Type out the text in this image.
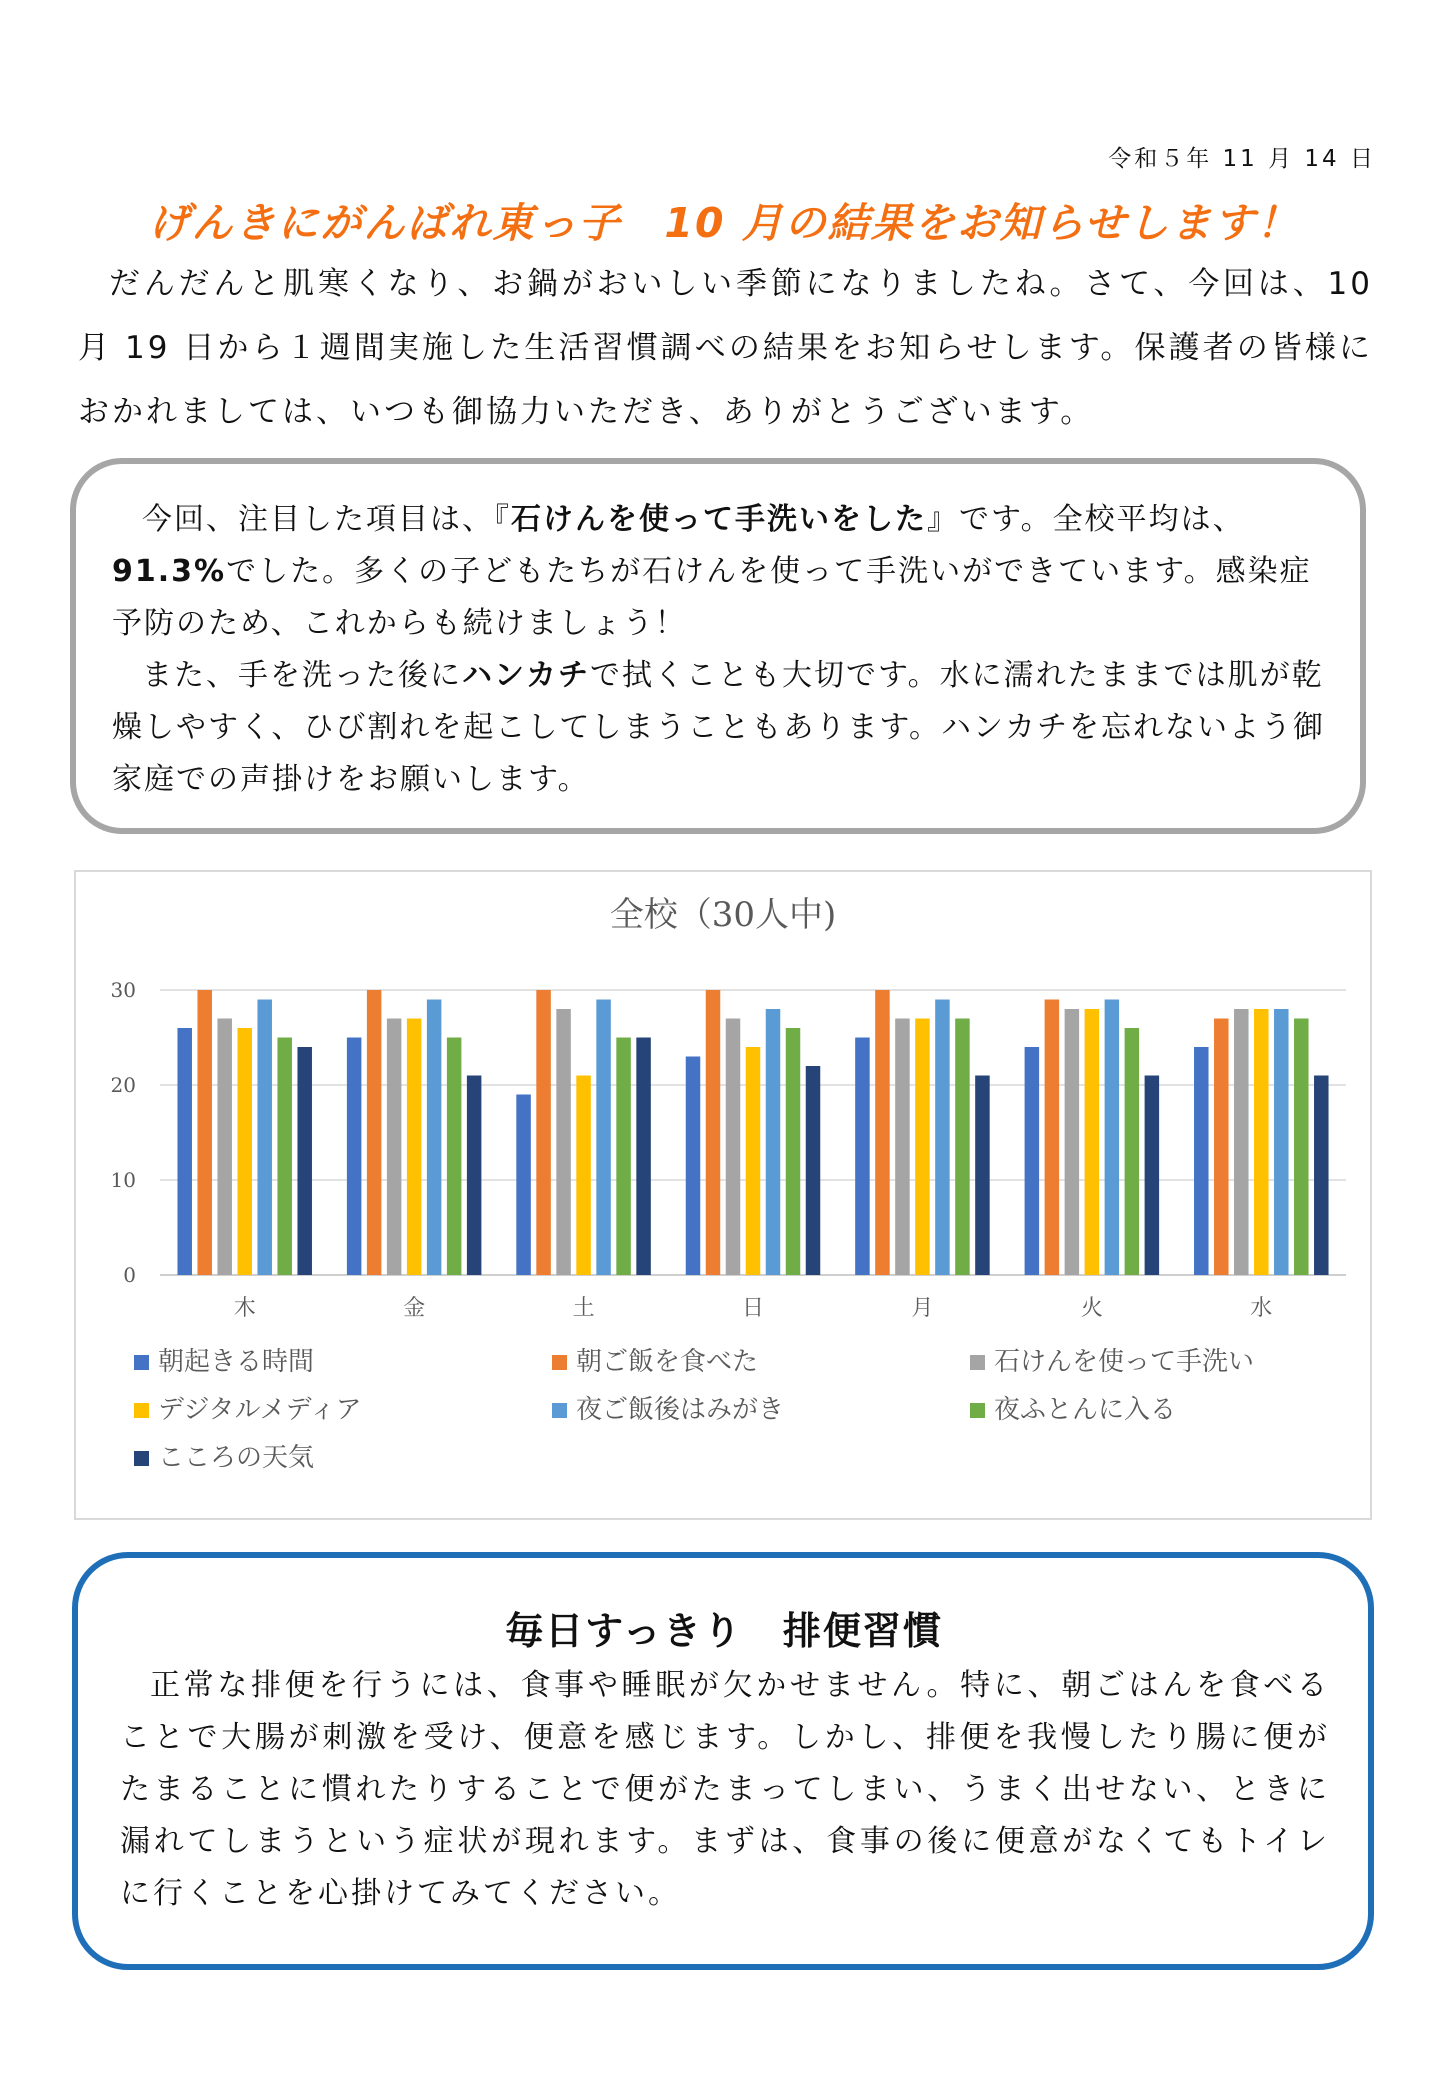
令和５年 11 月 14 日
げんきにがんばれ東っ子　10 月の結果をお知らせします！

だんだんと肌寒くなり、お鍋がおいしい季節になりましたね。さて、今回は、10 月 19 日から１週間実施した生活習慣調べの結果をお知らせします。保護者の皆様におかれましては、いつも御協力いただき、ありがとうございます。

今回、注目した項目は、『石けんを使って手洗いをした』です。全校平均は、91.3%でした。多くの子どもたちが石けんを使って手洗いができています。感染症予防のため、これからも続けましょう！

また、手を洗った後にハンカチで拭くことも大切です。水に濡れたままでは肌が乾燥しやすく、ひび割れを起こしてしまうこともあります。ハンカチを忘れないよう御家庭での声掛けをお願いします。

全校（30人中)
0
10
20
30
木	金	土	日	月	火	水
朝起きる時間	朝ご飯を食べた	石けんを使って手洗い
デジタルメディア	夜ご飯後はみがき	夜ふとんに入る
こころの天気
毎日すっきり　排便習慣

正常な排便を行うには、食事や睡眠が欠かせません。特に、朝ごはんを食べることで大腸が刺激を受け、便意を感じます。しかし、排便を我慢したり腸に便がたまることに慣れたりすることで便がたまってしまい、うまく出せない、ときに漏れてしまうという症状が現れます。まずは、食事の後に便意がなくてもトイレに行くことを心掛けてみてください。
